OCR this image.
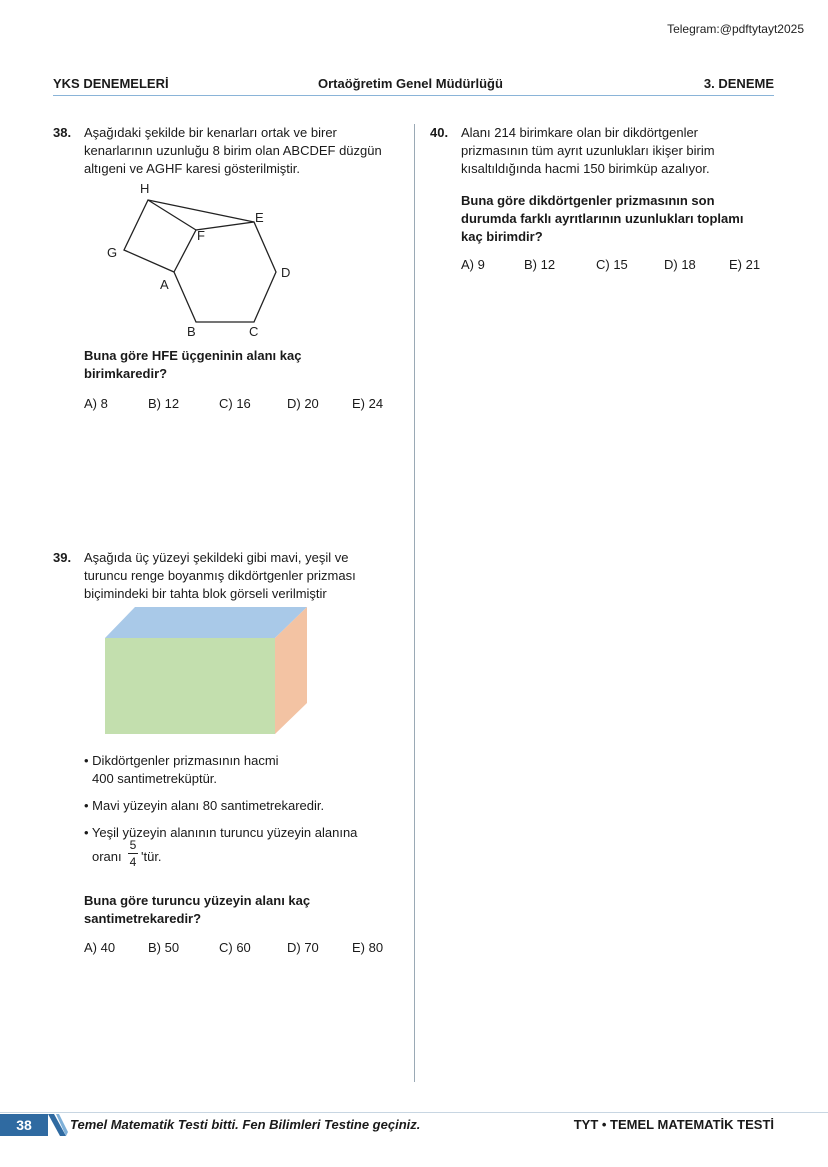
Telegram:@pdftytayt2025
YKS DENEMELERİ	Ortaöğretim Genel Müdürlüğü	3. DENEME
38. Aşağıdaki şekilde bir kenarları ortak ve birer
kenarlarının uzunluğu 8 birim olan ABCDEF düzgün
altıgeni ve AGHF karesi gösterilmiştir.
H
E
F
G
D
A
B	C
Buna göre HFE üçgeninin alanı kaç
birimkaredir?
A) 8	B) 12	C) 16	D) 20	E) 24
39. Aşağıda üç yüzeyi şekildeki gibi mavi, yeşil ve
turuncu renge boyanmış dikdörtgenler prizması
biçimindeki bir tahta blok görseli verilmiştir
• Dikdörtgenler prizmasının hacmi
400 santimetreküptür.
• Mavi yüzeyin alanı 80 santimetrekaredir.
• Yeşil yüzeyin alanının turuncu yüzeyin alanına
oranı
5
4 'tür.
Buna göre turuncu yüzeyin alanı kaç
santimetrekaredir?
A) 40	B) 50	C) 60	D) 70	E) 80
40. Alanı 214 birimkare olan bir dikdörtgenler
prizmasının tüm ayrıt uzunlukları ikişer birim
kısaltıldığında hacmi 150 birimküp azalıyor.
Buna göre dikdörtgenler prizmasının son
durumda farklı ayrıtlarının uzunlukları toplamı
kaç birimdir?
A) 9	B) 12	C) 15	D) 18	E) 21
38	Temel Matematik Testi bitti. Fen Bilimleri Testine geçiniz.	TYT • TEMEL MATEMATİK TESTİ
